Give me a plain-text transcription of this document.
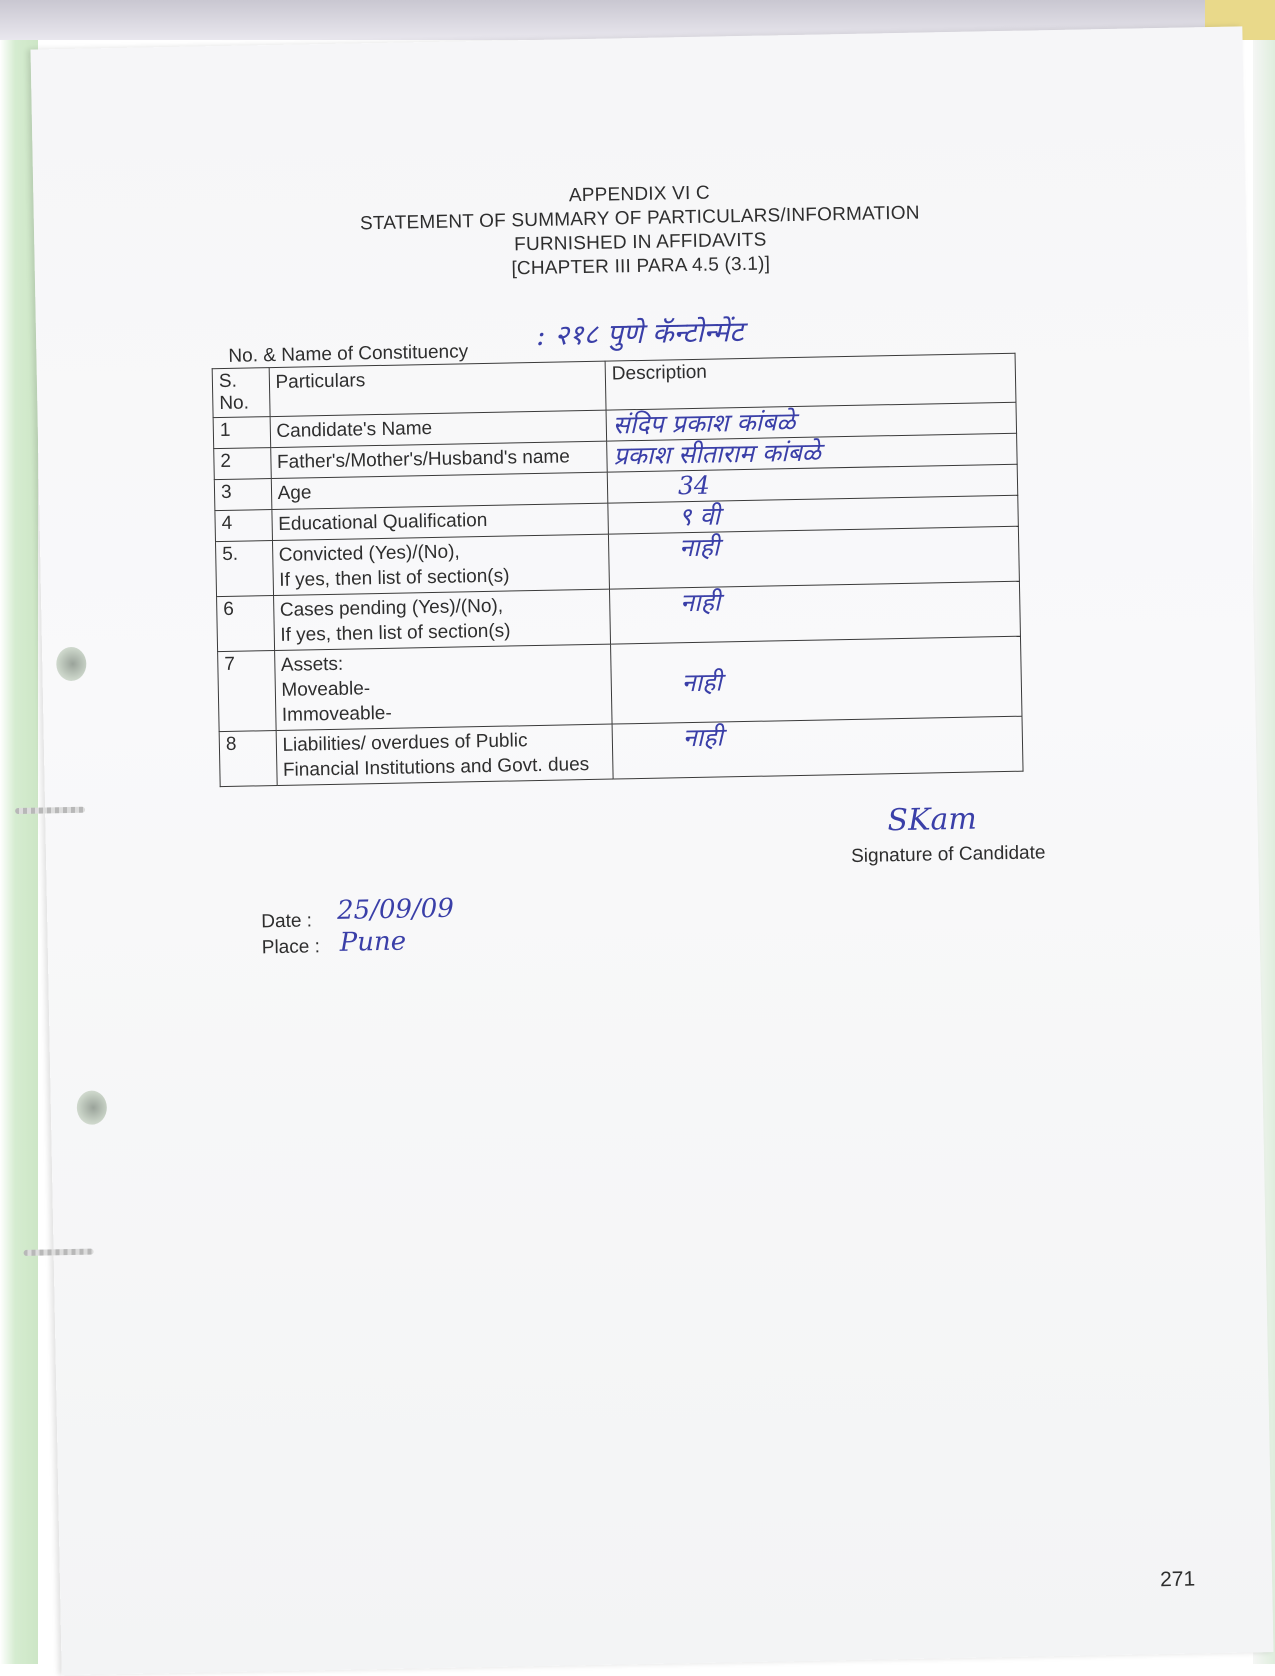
APPENDIX VI C
STATEMENT OF SUMMARY OF PARTICULARS/INFORMATION
FURNISHED IN AFFIDAVITS
[CHAPTER III PARA 4.5 (3.1)]
No. & Name of Constituency
: २१८ पुणे कॅन्टोन्मेंट
S. No.	Particulars	Description
1	Candidate's Name	संदिप प्रकाश कांबळे
2	Father's/Mother's/Husband's name	प्रकाश सीताराम कांबळे
3	Age	34
4	Educational Qualification	९ वी
5.	Convicted (Yes)/(No),
If yes, then list of section(s)	नाही
6	Cases pending (Yes)/(No),
If yes, then list of section(s)	नाही
7	Assets:
Moveable-
Immoveable-	नाही
8	Liabilities/ overdues of Public Financial Institutions and Govt. dues	नाही
SKam
Signature of Candidate
Date : 25/09/09
Place : Pune
271
